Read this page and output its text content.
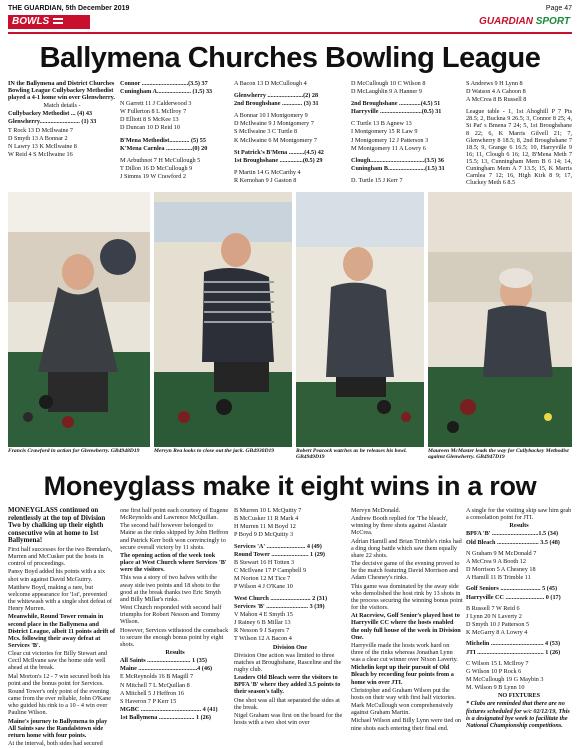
THE GUARDIAN, 5th December 2019	Page 47
BOWLS	GUARDIAN SPORT
Ballymena Churches Bowling League

IN the Ballymena and District Churches Bowling League Cullybackey Methodist played a 4-1 home win over Glenwherry.

Match details -

Cullybackey Methodist ... (4) 43

Glenwherry.......................... (1) 33

T Rock 13 D McIlwaine 7

D Smyth 13 A Bonnar 2

N Lawry 13 K McIlwaine 8

W Reid 4 S McIlwaine 16

Connor ..............................(3.5) 37

Cuningham A...................... (1.5) 33

N Garrett 11 J Calderwood 3

W Fullerton 8 L McIlroy 7

D Elliott 8 S McKee 13

D Duncan 10 D Reid 10

B'Mena Methodist............. (5) 55

K'Mena Carnlea .................(0) 20

M Arbuthnot 7 H McCullough 5

T Dillon 16 D McCullough 9

J Simms 19 W Crawford 2

A Bacon 13 D McCullough 4

Glenwherry .......................(2) 28

2nd Broughshane ............. (3) 31

A Bonnar 10 I Montgomery 9

D McIlwaine 9 J Montgomery 7

S McIlwaine 3 C Turtle 8

K McIlwaine 6 M Montgomery 7

St Patrick's B'Mena ..........(4.5) 42

1st Broughshane ...............(0.5) 29

P Martin 14 G McCarthy 4

R Kernohan 9 J Gaston 8

D McCullough 10 C Wilson 8

D McLaughlin 9 A Hanner 9

2nd Broughshane ..............(4.5) 51

Harryville ...........................(0.5) 31

C Turtle 13 B Agnew 13

I Montgomery 15 R Law 9

J Montgomery 12 J Patterson 3

M Montgomery 11 A Lowry 6

Clough...................................(3.5) 36

Cuningham B........................(1.5) 31

D. Turtle 15 J Kerr 7

S Andrews 9 H Lynn 8

D Watson 4 A Cahoon 8

A McCrea 8 B Russell 8

League table - 1, 1st Ahoghill P 7 Pts 28.5; 2, Buckna 9 26.5; 3, Connor 8 25; 4, St Pat' s Bmena 7 24; 5, 1st Broughshane 8 22; 6, K Marris Gilvell 21; 7, Glenwherry 8 18.5; 8, 2nd Broughshane 7 18.5; 9, Grange 6 16.5; 10, Harryville 9 16; 11, Clough 6 16; 12, B'Mena Meth 7 15.5; 13, Cunningham Mem B 6 14; 14, Cuningham Mem A 7 13.5; 15, K Marris Carnlea 7 12; 16, High Kirk 8 9; 17, Cluckey Meth 6 8.5

Francis Crawford in action for Glenwherry. GB4948D19	Mervyn Rea looks to close out the jack. GB4930D19	Robert Peacock watches as he releases his bowl. GB4949D19
Maureen McMaster leads the way for Cullybackey Methodist against Glenwherry. GB4947D19
Moneyglass make it eight wins in a row

MONEYGLASS continued on relentlessly at the top of Division Two by chalking up their eighth consecutive win at home to 1st Ballymena!

First half successes for the two Brendan's, Murren and McCusker put the hosts in control of proceedings.

Pansy Boyd added his points with a six shot win against David McGuirry.

Matthew Boyd, making a rare, but welcome appearance for '1st', prevented the whitewash with a single shot defeat of Henry Murren.

Meanwhile, Round Tower remain in second place in the Ballymena and District League, albeit 11 points adrift of Mcs. following their away defeat at Services 'B'.

Clear cut victories for Billy Stewart and Cecil McIlvane saw the home side well ahead at the break.

Mal Morton's 12 - 7 win secured both his point and the bonus point for Services.

Round Tower's only point of the evening came from the ever reliable, John O'Kane who guided his rink to a 10 - 4 win over Pauline Wilson.

Maine's journey to Ballymena to play All Saints saw the Randalstown side return home with four points.

At the interval, both sides had secured

one first half point each courtesy of Eugene McReynolds and Lawrence McQuillan.

The second half however belonged to Maine as the rinks skipped by John Heffron and Patrick Kerr both won convincingly to secure overall victory by 11 shots.

The opening action of the week took place at West Church where Services 'B' were the visitors.

This was a story of two halves with the away side two points and 18 shots to the good at the break thanks two Eric Smyth and Billy Millar's rinks.

West Church responded with second half triumphs for Robert Nesson and Tommy Wilson.

However, Services withstood the comeback to secure the enough bonus point by eight shots.

Results

All Saints ............................ 1 (35)

Maine ......................................4 (46)

E McReynolds 16 B Magill 7

N Mitchell 7 L McQuillan 8

A Mitchell 5 J Heffron 16

S Haveron 7 P Kerr 15

MGBC ....................................... 4 (41)

1st Ballymena ....................... 1 (26)

B Murren 10 L McQuitty 7

B McCusker 11 R Mark 4

H Murren 11 M Boyd 12

P Boyd 9 D McQuitty 3

Services 'A' ......................... 4 (49)

Round Tower ........................ 1 (29)

B Stewart 16 H Totten 3

C McIlvane 17 P Campbell 9

M Norton 12 M Tice 7

P Wilson 4 J O'Kane 10

West Church .......................... 2 (31)

Services 'B' ........................... 3 (39)

V Mahon 4 E Smyth 15

J Rainey 6 B Millar 13

R Nesson 9 J Sayers 7

T Wilson 12 A Bacon 4

Division One

Division One action was limited to three matches at Broughshane, Rasceline and the rugby club.

Leaders Old Bleach were the visitors to BPFA 'B' where they added 3.5 points to their season's tally.

One shot was all that separated the sides at the break.

Nigel Graham was first on the board for the hosts with a two shot win over

Mervyn McDonald.

Andrew Booth replied for 'The bleach', winning by three shots against Alastair McCrea.

Adrian Hamill and Brian Trimble's rinks had a ding dong battle which saw them equally share 22 shots.

The decisive game of the evening proved to be the match featuring David Morrison and Adam Chesney's rinks.

This game was dominated by the away side who demolished the host rink by 13 shots in the process securing the winning bonus point for the visitors.

At Raceview, Golf Senior's played host to Harryville CC where the hosts enabled the only full house of the week in Division One.

Harryville made the hosts work hard on three of the rinks whereas Jonathan Lynn was a clear cut winner over Nixon Laverty.

Michelin kept up their pursuit of Old Bleach by recording four points from a home win over JTI.

Christopher and Graham Wilson put the hosts on their way with first half victories.

Mark McCullough won comprehensively against Graham Martin.

Michael Wilson and Billy Lynn were tied on nine shots each entering their final end.

A single for the visiting skip saw him grab a consolation point for JTI.

Results

BPFA 'B' ..............................1.5 (34)

Old Bleach ........................... 3.5 (48)

N Graham 9 M McDonald 7

A McCrea 9 A Booth 12

D Morrison 5 A Chesney 18

A Hamill 11 B Trimble 11

Golf Seniors .......................... 5 (45)

Harryville CC ......................... 0 (17)

B Russell 7 W Reid 6

J Lynn 20 N Laverty 2

D Smyth 10 J Patterson 5

K McGarry 8 A Lowry 4

Michelin .................................. 4 (53)

JTI ........................................... 1 (26)

C Wilson 15 L McIlroy 7

G Wilson 10 P Rock 6

M McCullough 19 G Maybin 3

M. Wilson 9 B Lynn 10

NO FIXTURES

* Clubs are reminded that there are no fixtures scheduled for w/c 02/12/19, This is a designated bye week to facilitate the National Championship competitions.
